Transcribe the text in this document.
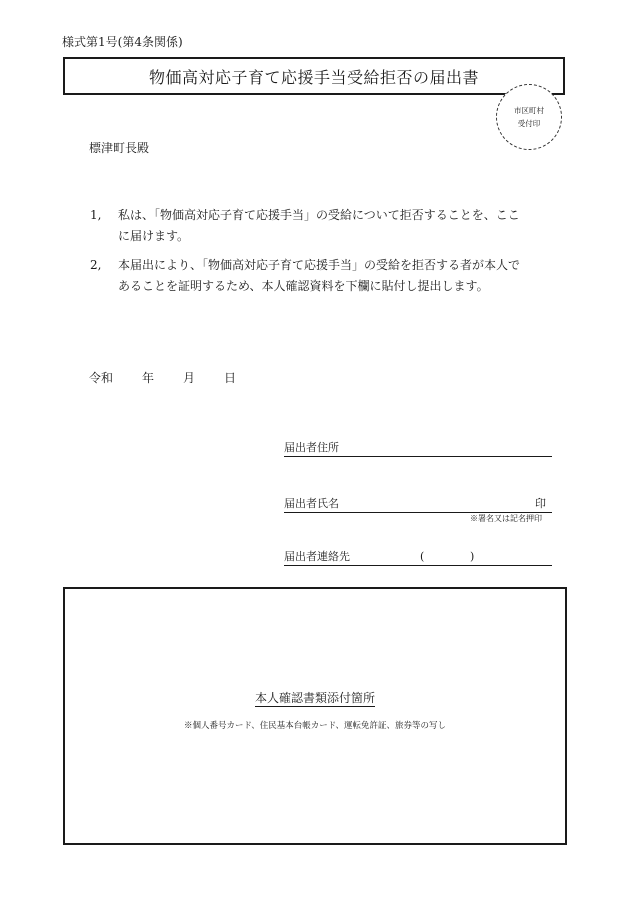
様式第1号(第4条関係)
物価高対応子育て応援手当受給拒否の届出書
市区町村
受付印
標津町長殿
1,	私は、「物価高対応子育て応援手当」の受給について拒否することを、ここ
に届けます。
2,	本届出により、「物価高対応子育て応援手当」の受給を拒否する者が本人で
あることを証明するため、本人確認資料を下欄に貼付し提出します。
令和	年	月	日
届出者住所
届出者氏名	印
※署名又は記名押印
届出者連絡先	(	)
本人確認書類添付箇所
※個人番号カード、住民基本台帳カード、運転免許証、旅券等の写し
